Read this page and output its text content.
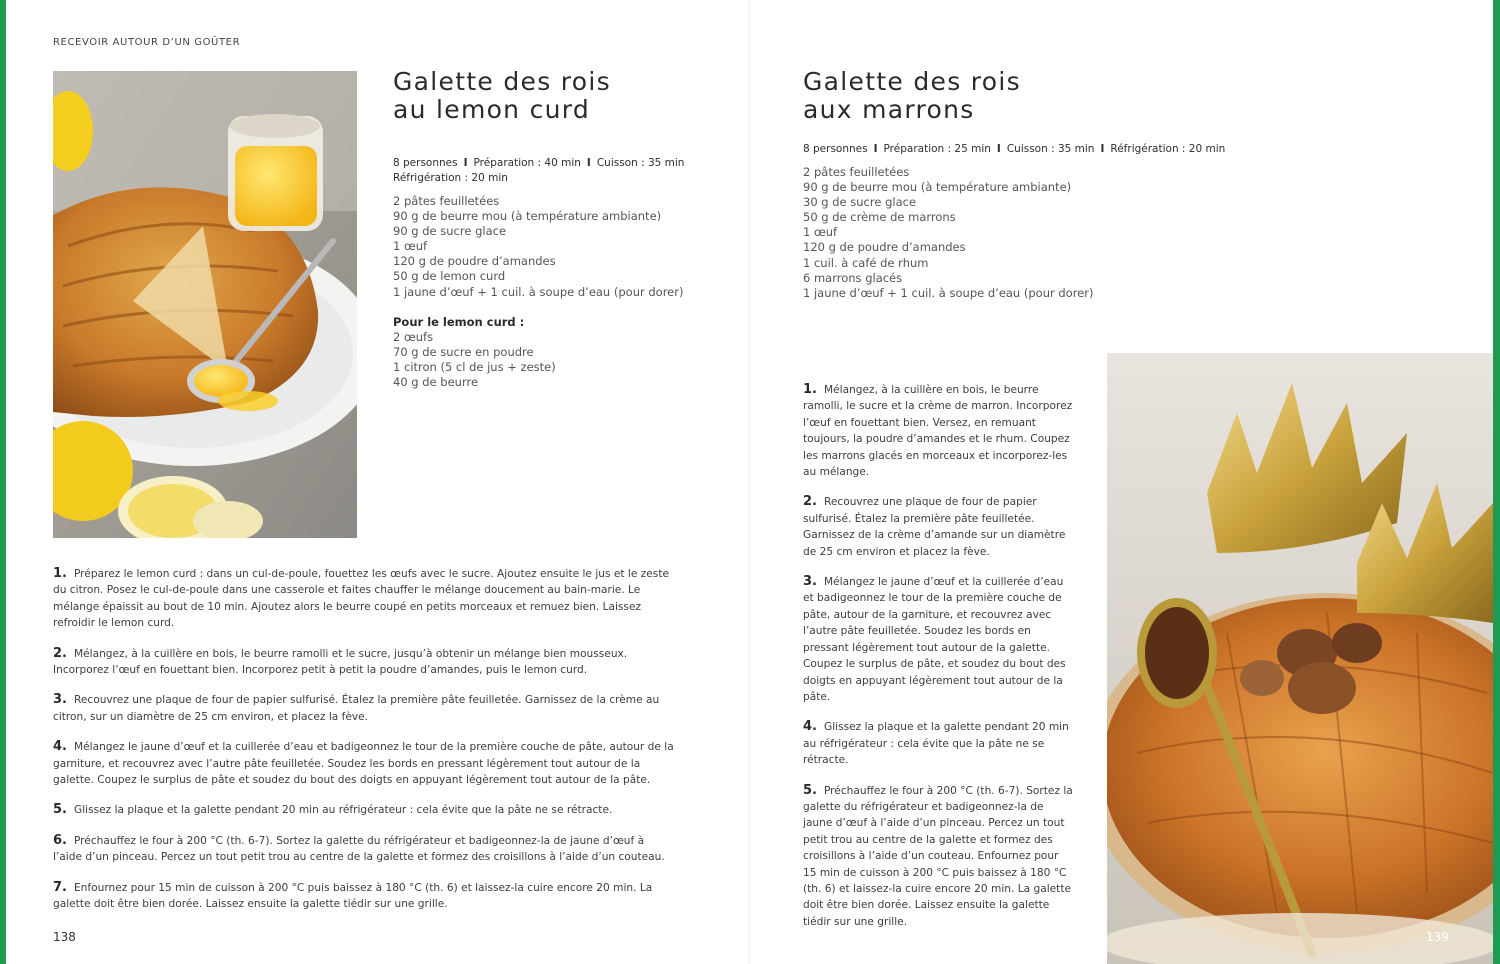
RECEVOIR AUTOUR D’UN GOÛTER
Galette des rois
au lemon curd
8 personnes I Préparation : 40 min I Cuisson : 35 min
Réfrigération : 20 min
2 pâtes feuilletées
90 g de beurre mou (à température ambiante)
90 g de sucre glace
1 œuf
120 g de poudre d’amandes
50 g de lemon curd
1 jaune d’œuf + 1 cuil. à soupe d’eau (pour dorer)
Pour le lemon curd :
2 œufs
70 g de sucre en poudre
1 citron (5 cl de jus + zeste)
40 g de beurre
1. Préparez le lemon curd : dans un cul-de-poule, fouettez les œufs avec le sucre. Ajoutez ensuite le jus et le zeste du citron. Posez le cul-de-poule dans une casserole et faites chauffer le mélange doucement au bain-marie. Le mélange épaissit au bout de 10 min. Ajoutez alors le beurre coupé en petits morceaux et remuez bien. Laissez refroidir le lemon curd.
2. Mélangez, à la cuillère en bois, le beurre ramolli et le sucre, jusqu’à obtenir un mélange bien mousseux. Incorporez l’œuf en fouettant bien. Incorporez petit à petit la poudre d’amandes, puis le lemon curd.
3. Recouvrez une plaque de four de papier sulfurisé. Étalez la première pâte feuilletée. Garnissez de la crème au citron, sur un diamètre de 25 cm environ, et placez la fève.
4. Mélangez le jaune d’œuf et la cuillerée d’eau et badigeonnez le tour de la première couche de pâte, autour de la garniture, et recouvrez avec l’autre pâte feuilletée. Soudez les bords en pressant légèrement tout autour de la galette. Coupez le surplus de pâte et soudez du bout des doigts en appuyant légèrement tout autour de la pâte.
5. Glissez la plaque et la galette pendant 20 min au réfrigérateur : cela évite que la pâte ne se rétracte.
6. Préchauffez le four à 200 °C (th. 6-7). Sortez la galette du réfrigérateur et badigeonnez-la de jaune d’œuf à l’aide d’un pinceau. Percez un tout petit trou au centre de la galette et formez des croisillons à l’aide d’un couteau.
7. Enfournez pour 15 min de cuisson à 200 °C puis baissez à 180 °C (th. 6) et laissez-la cuire encore 20 min. La galette doit être bien dorée. Laissez ensuite la galette tiédir sur une grille.
138
Galette des rois
aux marrons
8 personnes I Préparation : 25 min I Cuisson : 35 min I Réfrigération : 20 min
2 pâtes feuilletées
90 g de beurre mou (à température ambiante)
30 g de sucre glace
50 g de crème de marrons
1 œuf
120 g de poudre d’amandes
1 cuil. à café de rhum
6 marrons glacés
1 jaune d’œuf + 1 cuil. à soupe d’eau (pour dorer)
1. Mélangez, à la cuillère en bois, le beurre ramolli, le sucre et la crème de marron. Incorporez l’œuf en fouettant bien. Versez, en remuant toujours, la poudre d’amandes et le rhum. Coupez les marrons glacés en morceaux et incorporez-les au mélange.
2. Recouvrez une plaque de four de papier sulfurisé. Étalez la première pâte feuilletée. Garnissez de la crème d’amande sur un diamètre de 25 cm environ et placez la fève.
3. Mélangez le jaune d’œuf et la cuillerée d’eau et badigeonnez le tour de la première couche de pâte, autour de la garniture, et recouvrez avec l’autre pâte feuilletée. Soudez les bords en pressant légèrement tout autour de la galette. Coupez le surplus de pâte, et soudez du bout des doigts en appuyant légèrement tout autour de la pâte.
4. Glissez la plaque et la galette pendant 20 min au réfrigérateur : cela évite que la pâte ne se rétracte.
5. Préchauffez le four à 200 °C (th. 6-7). Sortez la galette du réfrigérateur et badigeonnez-la de jaune d’œuf à l’aide d’un pinceau. Percez un tout petit trou au centre de la galette et formez des croisillons à l’aide d’un couteau. Enfournez pour 15 min de cuisson à 200 °C puis baissez à 180 °C (th. 6) et laissez-la cuire encore 20 min. La galette doit être bien dorée. Laissez ensuite la galette tiédir sur une grille.
139
